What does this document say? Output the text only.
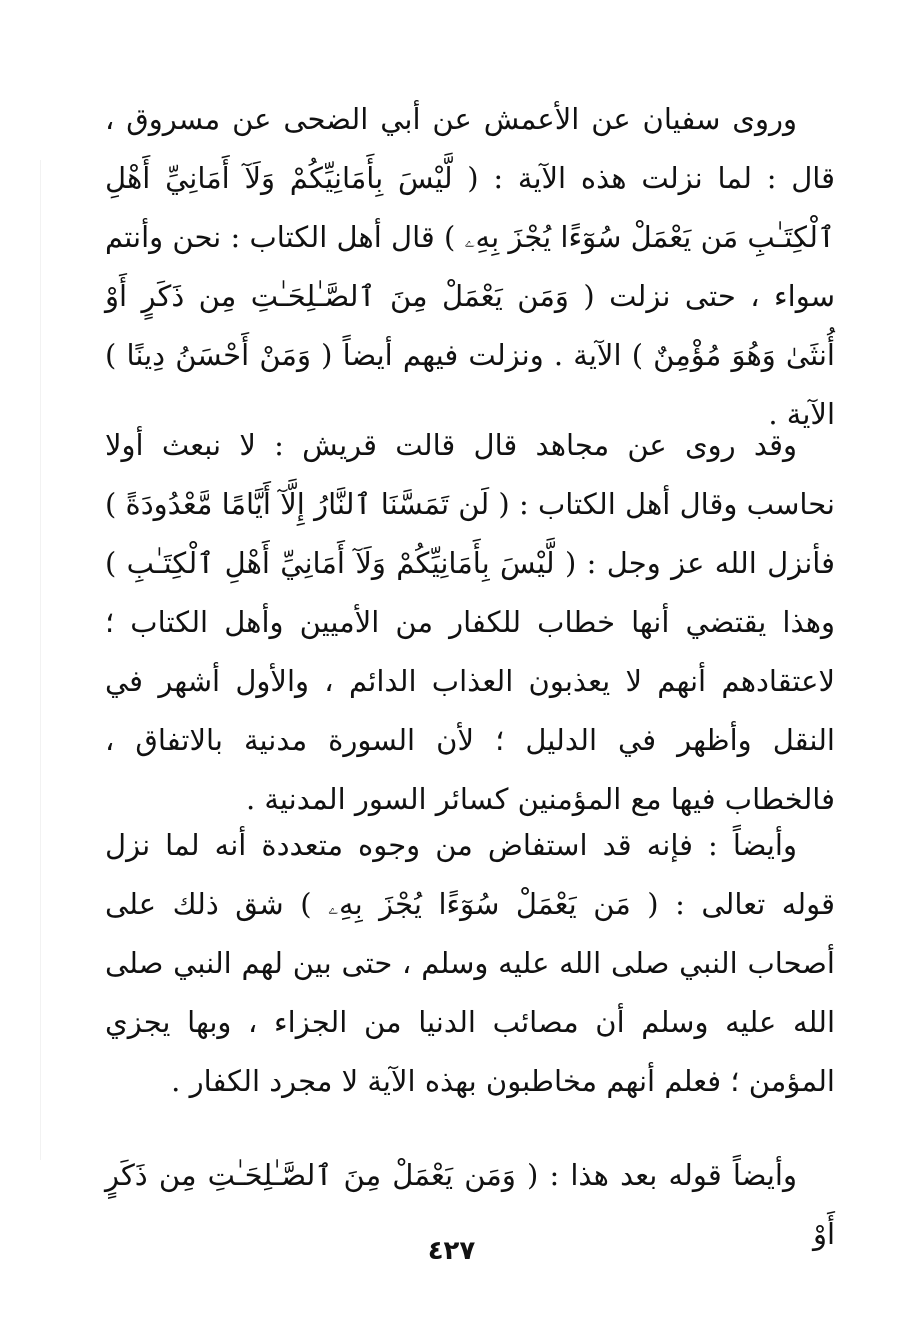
وروى سفيان عن الأعمش عن أبي الضحى عن مسروق ، قال : لما نزلت هذه الآية : ( لَّيْسَ بِأَمَانِيِّكُمْ وَلَآ أَمَانِيِّ أَهْلِ ٱلْكِتَـٰبِ مَن يَعْمَلْ سُوٓءًا يُجْزَ بِهِۦ ) قال أهل الكتاب : نحن وأنتم سواء ، حتى نزلت ( وَمَن يَعْمَلْ مِنَ ٱلصَّـٰلِحَـٰتِ مِن ذَكَرٍ أَوْ أُنثَىٰ وَهُوَ مُؤْمِنٌ ) الآية . ونزلت فيهم أيضاً ( وَمَنْ أَحْسَنُ دِينًا ) الآية .

وقد روى عن مجاهد قال قالت قريش : لا نبعث أولا نحاسب وقال أهل الكتاب : ( لَن تَمَسَّنَا ٱلنَّارُ إِلَّآ أَيَّامًا مَّعْدُودَةً ) فأنزل الله عز وجل : ( لَّيْسَ بِأَمَانِيِّكُمْ وَلَآ أَمَانِيِّ أَهْلِ ٱلْكِتَـٰبِ ) وهذا يقتضي أنها خطاب للكفار من الأميين وأهل الكتاب ؛ لاعتقادهم أنهم لا يعذبون العذاب الدائم ، والأول أشهر في النقل وأظهر في الدليل ؛ لأن السورة مدنية بالاتفاق ، فالخطاب فيها مع المؤمنين كسائر السور المدنية .

وأيضاً : فإنه قد استفاض من وجوه متعددة أنه لما نزل قوله تعالى : ( مَن يَعْمَلْ سُوٓءًا يُجْزَ بِهِۦ ) شق ذلك على أصحاب النبي صلى الله عليه وسلم ، حتى بين لهم النبي صلى الله عليه وسلم أن مصائب الدنيا من الجزاء ، وبها يجزي المؤمن ؛ فعلم أنهم مخاطبون بهذه الآية لا مجرد الكفار .

وأيضاً قوله بعد هذا : ( وَمَن يَعْمَلْ مِنَ ٱلصَّـٰلِحَـٰتِ مِن ذَكَرٍ أَوْ

٤٢٧
